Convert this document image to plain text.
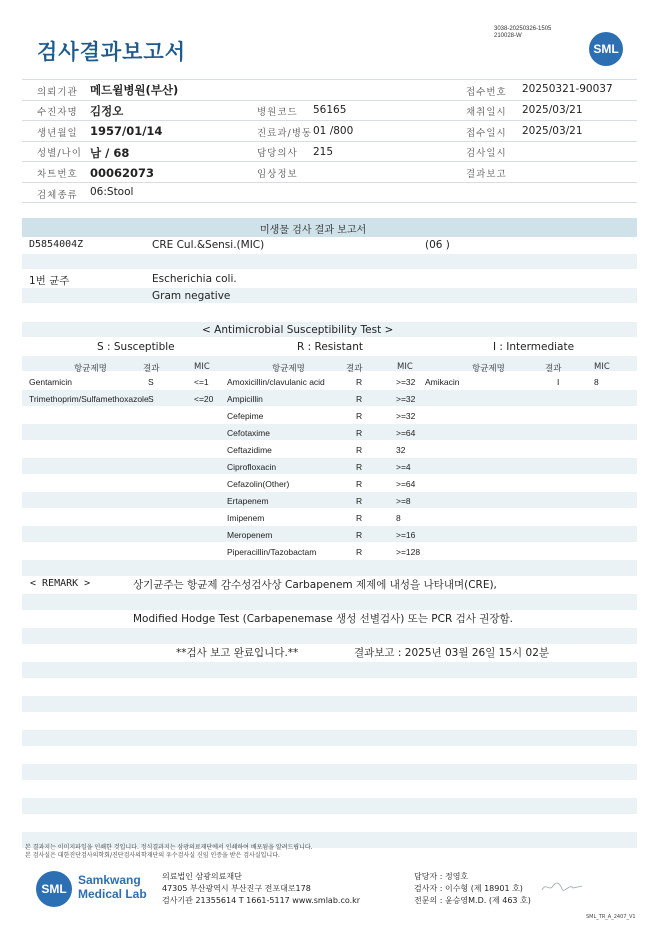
검사결과보고서
3038-20250326-1505
210028-W
SML
의뢰기관 메드윌병원(부산)	접수번호 20250321-90037
수진자명 김정오	병원코드 56165	채취일시 2025/03/21
생년월일 1957/01/14	진료과/병동 01 /800	접수일시 2025/03/21
성별/나이 남 / 68	담당의사 215	검사일시
차트번호 00062073	임상정보	결과보고
검체종류 06:Stool
미생물 검사 결과 보고서
D5854004Z	CRE Cul.&Sensi.(MIC)	(06 )
1번 균주	Escherichia coli.
Gram negative
< Antimicrobial Susceptibility Test >
S : Susceptible	R : Resistant	I : Intermediate
항균제명	결과	MIC	항균제명	결과	MIC	항균제명	결과	MIC
Gentamicin	S	<=1
Trimethoprim/Sulfamethoxazole S	<=20
Amoxicillin/clavulanic acid	R	>=32
Ampicillin	R	>=32
Cefepime	R	>=32
Cefotaxime	R	>=64
Ceftazidime	R	32
Ciprofloxacin	R	>=4
Cefazolin(Other)	R	>=64
Ertapenem	R	>=8
Imipenem	R	8
Meropenem	R	>=16
Piperacillin/Tazobactam	R	>=128
Amikacin	I	8
< REMARK >	상기균주는 항균제 감수성검사상 Carbapenem 제제에 내성을 나타내며(CRE),
Modified Hodge Test (Carbapenemase 생성 선별검사) 또는 PCR 검사 권장함.
**검사 보고 완료입니다.**	결과보고 : 2025년 03월 26일 15시 02분
본 결과지는 이미지파일을 인쇄한 것입니다. 정식결과지는 삼광의료재단에서 인쇄하여 배포됨을 알려드립니다.
본 검사실은 대한진단검사의학회/진단검사의학재단의 우수검사실 신임 인증을 받은 검사실입니다.
SML
Samkwang
Medical Lab
의료법인 삼광의료재단
47305 부산광역시 부산진구 전포대로178
검사기관 21355614 T 1661-5117 www.smlab.co.kr
담당자 : 정영호
검사자 : 이수형 (제 18901 호)
전문의 : 윤승영M.D. (제 463 호)
SML_TR_A_2407_V1
